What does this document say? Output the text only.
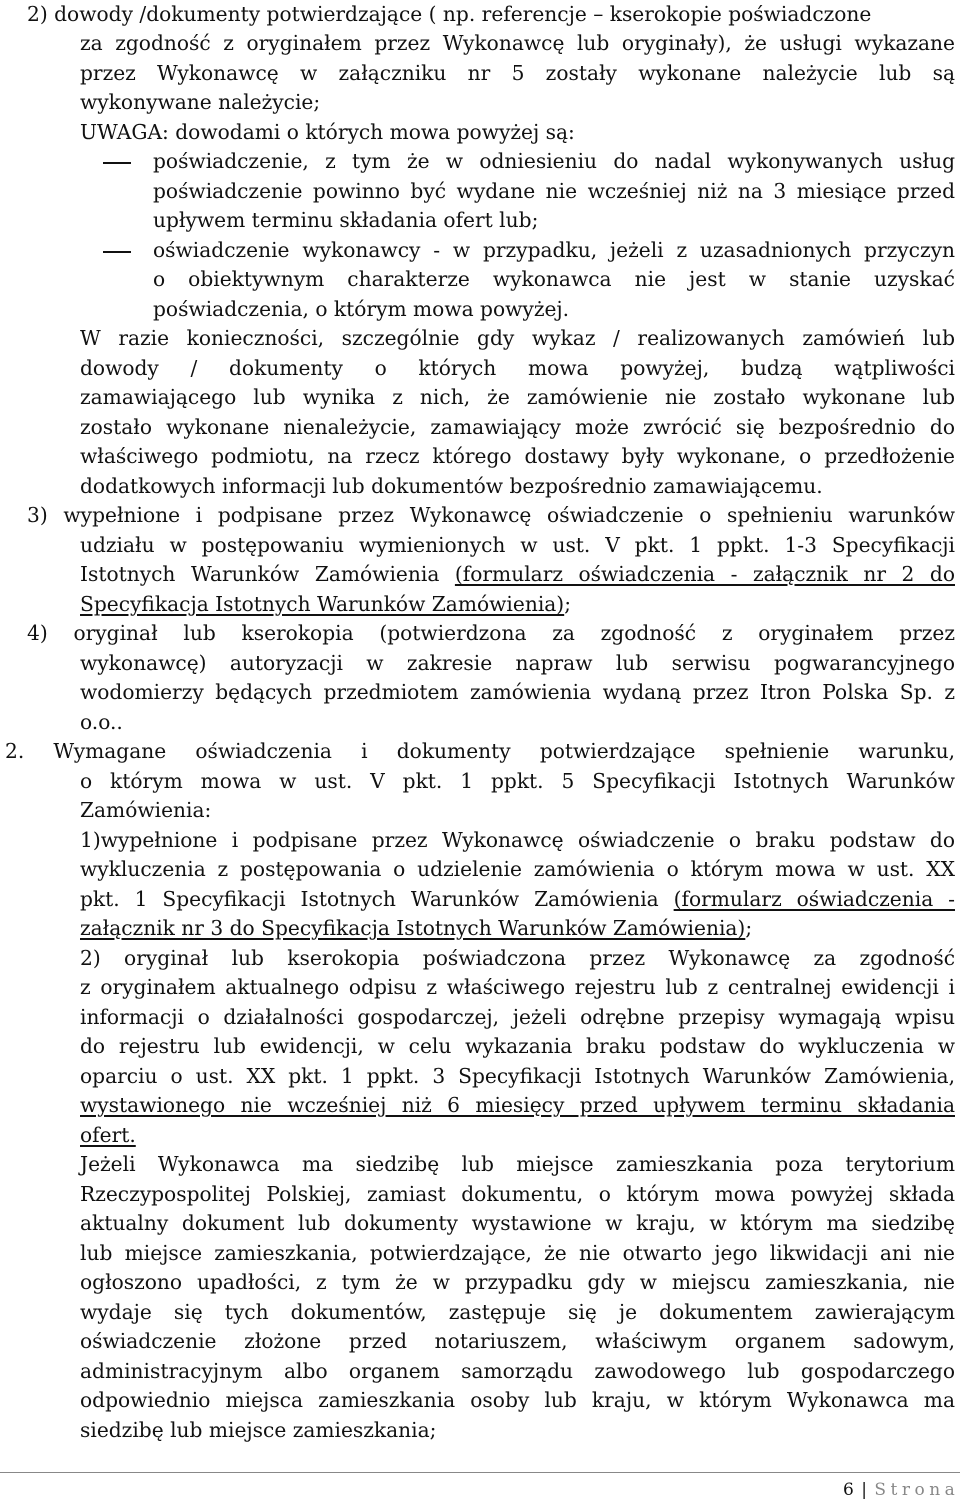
2) dowody /dokumenty potwierdzające ( np. referencje – kserokopie poświadczone
za zgodność z oryginałem przez Wykonawcę lub oryginały), że usługi wykazane
przez Wykonawcę w załączniku nr 5 zostały wykonane należycie lub są
wykonywane należycie;
UWAGA: dowodami o których mowa powyżej są:
poświadczenie, z tym że w odniesieniu do nadal wykonywanych usług
poświadczenie powinno być wydane nie wcześniej niż na 3 miesiące przed
upływem terminu składania ofert lub;
oświadczenie wykonawcy - w przypadku, jeżeli z uzasadnionych przyczyn
o obiektywnym charakterze wykonawca nie jest w stanie uzyskać
poświadczenia, o którym mowa powyżej.
W razie konieczności, szczególnie gdy wykaz / realizowanych zamówień lub
dowody / dokumenty o których mowa powyżej, budzą wątpliwości
zamawiającego lub wynika z nich, że zamówienie nie zostało wykonane lub
zostało wykonane nienależycie, zamawiający może zwrócić się bezpośrednio do
właściwego podmiotu, na rzecz którego dostawy były wykonane, o przedłożenie
dodatkowych informacji lub dokumentów bezpośrednio zamawiającemu.
3) wypełnione i podpisane przez Wykonawcę oświadczenie o spełnieniu warunków
udziału w postępowaniu wymienionych w ust. V pkt. 1 ppkt. 1-3 Specyfikacji
Istotnych Warunków Zamówienia (formularz oświadczenia - załącznik nr 2 do
Specyfikacja Istotnych Warunków Zamówienia);
4) oryginał lub kserokopia (potwierdzona za zgodność z oryginałem przez
wykonawcę) autoryzacji w zakresie napraw lub serwisu pogwarancyjnego
wodomierzy będących przedmiotem zamówienia wydaną przez Itron Polska Sp. z
o.o..
2. Wymagane oświadczenia i dokumenty potwierdzające spełnienie warunku,
o którym mowa w ust. V pkt. 1 ppkt. 5 Specyfikacji Istotnych Warunków
Zamówienia:
1)wypełnione i podpisane przez Wykonawcę oświadczenie o braku podstaw do
wykluczenia z postępowania o udzielenie zamówienia o którym mowa w ust. XX
pkt. 1 Specyfikacji Istotnych Warunków Zamówienia (formularz oświadczenia -
załącznik nr 3 do Specyfikacja Istotnych Warunków Zamówienia);
2) oryginał lub kserokopia poświadczona przez Wykonawcę za zgodność
z oryginałem aktualnego odpisu z właściwego rejestru lub z centralnej ewidencji i
informacji o działalności gospodarczej, jeżeli odrębne przepisy wymagają wpisu
do rejestru lub ewidencji, w celu wykazania braku podstaw do wykluczenia w
oparciu o ust. XX pkt. 1 ppkt. 3 Specyfikacji Istotnych Warunków Zamówienia,
wystawionego nie wcześniej niż 6 miesięcy przed upływem terminu składania
ofert.
Jeżeli Wykonawca ma siedzibę lub miejsce zamieszkania poza terytorium
Rzeczypospolitej Polskiej, zamiast dokumentu, o którym mowa powyżej składa
aktualny dokument lub dokumenty wystawione w kraju, w którym ma siedzibę
lub miejsce zamieszkania, potwierdzające, że nie otwarto jego likwidacji ani nie
ogłoszono upadłości, z tym że w przypadku gdy w miejscu zamieszkania, nie
wydaje się tych dokumentów, zastępuje się je dokumentem zawierającym
oświadczenie złożone przed notariuszem, właściwym organem sadowym,
administracyjnym albo organem samorządu zawodowego lub gospodarczego
odpowiednio miejsca zamieszkania osoby lub kraju, w którym Wykonawca ma
siedzibę lub miejsce zamieszkania;
6 | Strona
